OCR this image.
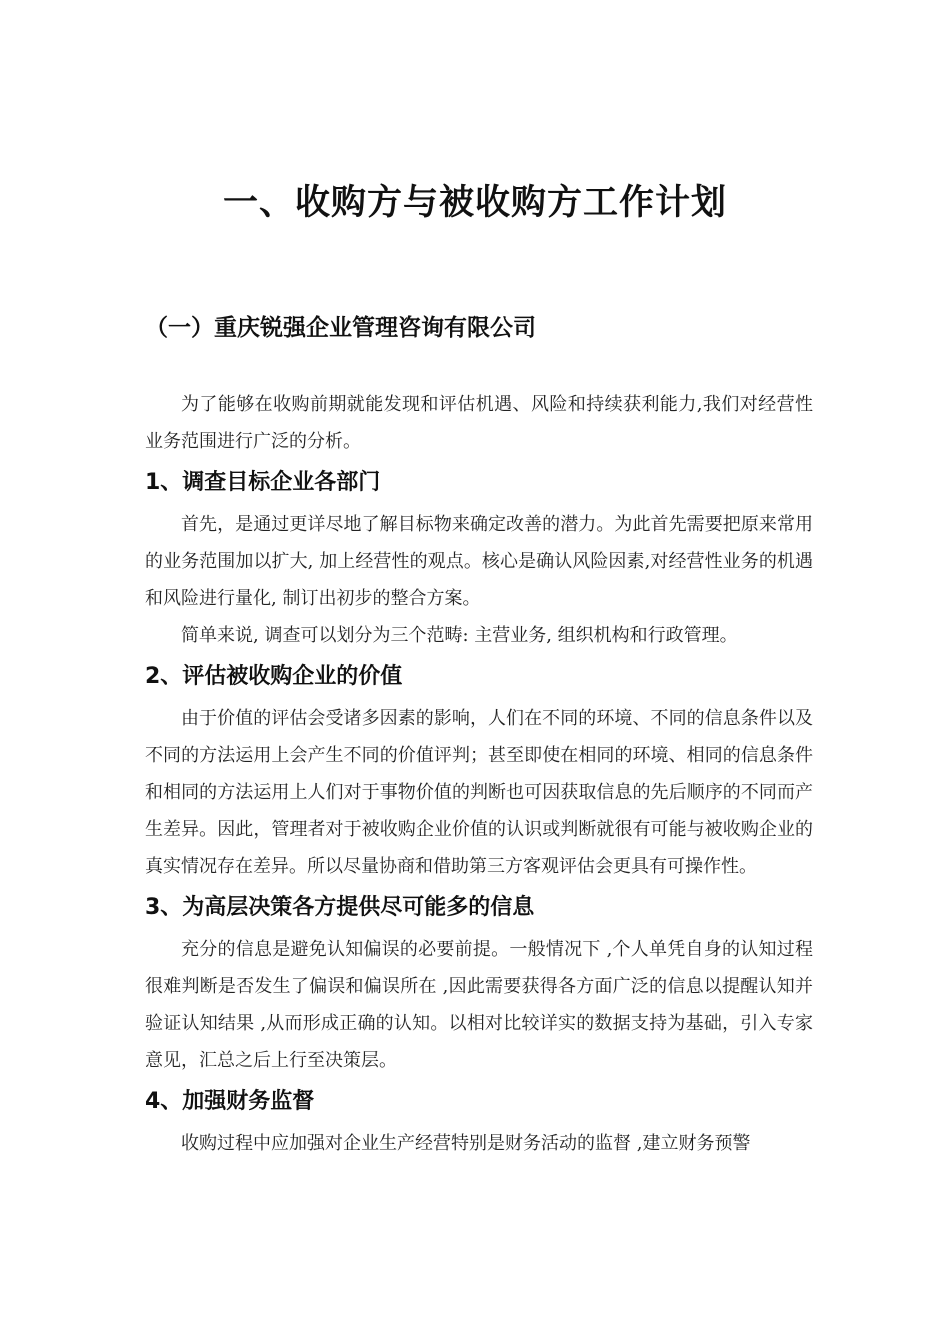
一、收购方与被收购方工作计划
（一）重庆锐强企业管理咨询有限公司

为了能够在收购前期就能发现和评估机遇、风险和持续获利能力,我们对经营性业务范围进行广泛的分析。

1、调查目标企业各部门

首先，是通过更详尽地了解目标物来确定改善的潜力。为此首先需要把原来常用的业务范围加以扩大, 加上经营性的观点。核心是确认风险因素,对经营性业务的机遇和风险进行量化, 制订出初步的整合方案。

简单来说, 调查可以划分为三个范畴: 主营业务, 组织机构和行政管理。

2、评估被收购企业的价值

由于价值的评估会受诸多因素的影响，人们在不同的环境、不同的信息条件以及不同的方法运用上会产生不同的价值评判；甚至即使在相同的环境、相同的信息条件和相同的方法运用上人们对于事物价值的判断也可因获取信息的先后顺序的不同而产生差异。因此，管理者对于被收购企业价值的认识或判断就很有可能与被收购企业的真实情况存在差异。所以尽量协商和借助第三方客观评估会更具有可操作性。

3、为高层决策各方提供尽可能多的信息

充分的信息是避免认知偏误的必要前提。一般情况下 ,个人单凭自身的认知过程很难判断是否发生了偏误和偏误所在 ,因此需要获得各方面广泛的信息以提醒认知并验证认知结果 ,从而形成正确的认知。以相对比较详实的数据支持为基础，引入专家意见，汇总之后上行至决策层。

4、加强财务监督

收购过程中应加强对企业生产经营特别是财务活动的监督 ,建立财务预警
